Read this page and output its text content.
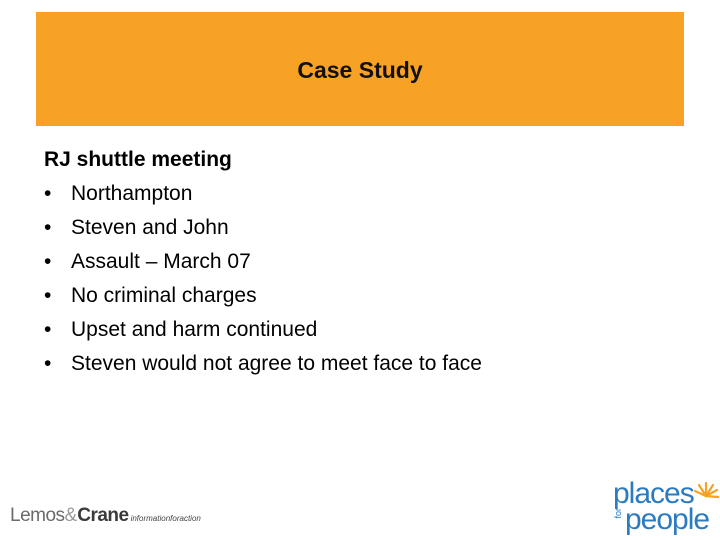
Case Study
RJ shuttle meeting
• Northampton
• Steven and John
• Assault – March 07
• No criminal charges
• Upset and harm continued
• Steven would not agree to meet face to face
Lemos&Crane informationforaction
places
for people
